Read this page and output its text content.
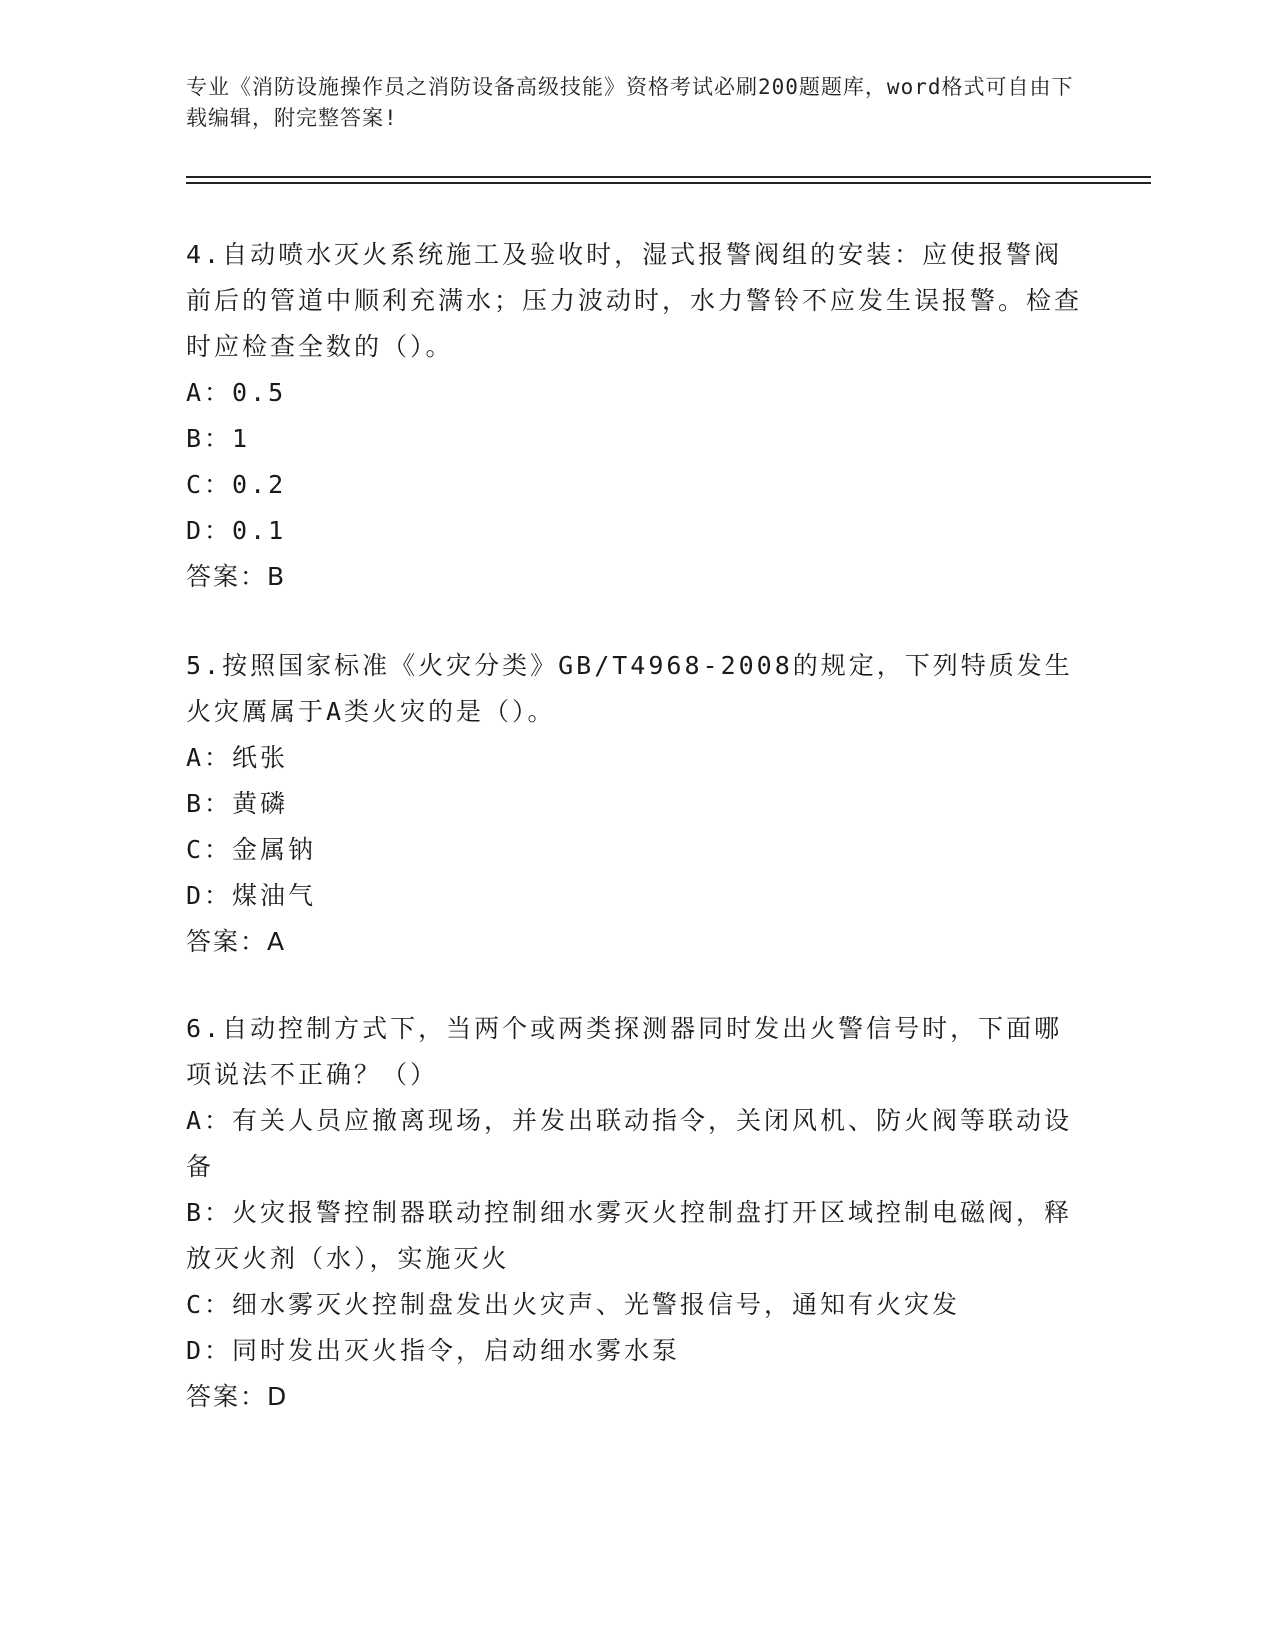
专业《消防设施操作员之消防设备高级技能》资格考试必刷200题题库，word格式可自由下载编辑，附完整答案!

4.自动喷水灭火系统施工及验收时，湿式报警阀组的安装：应使报警阀前后的管道中顺利充满水；压力波动时，水力警铃不应发生误报警。检查时应检查全数的（）。

A：0.5

B：1

C：0.2

D：0.1

答案：B

5.按照国家标准《火灾分类》GB/T4968-2008的规定，下列特质发生火灾厲属于A类火灾的是（）。

A：纸张

B：黄磷

C：金属钠

D：煤油气

答案：A

6.自动控制方式下，当两个或两类探测器同时发出火警信号时，下面哪项说法不正确？（）

A：有关人员应撤离现场，并发出联动指令，关闭风机、防火阀等联动设备

B：火灾报警控制器联动控制细水雾灭火控制盘打开区域控制电磁阀，释放灭火剂（水），实施灭火

C：细水雾灭火控制盘发出火灾声、光警报信号，通知有火灾发

D：同时发出灭火指令，启动细水雾水泵

答案：D
